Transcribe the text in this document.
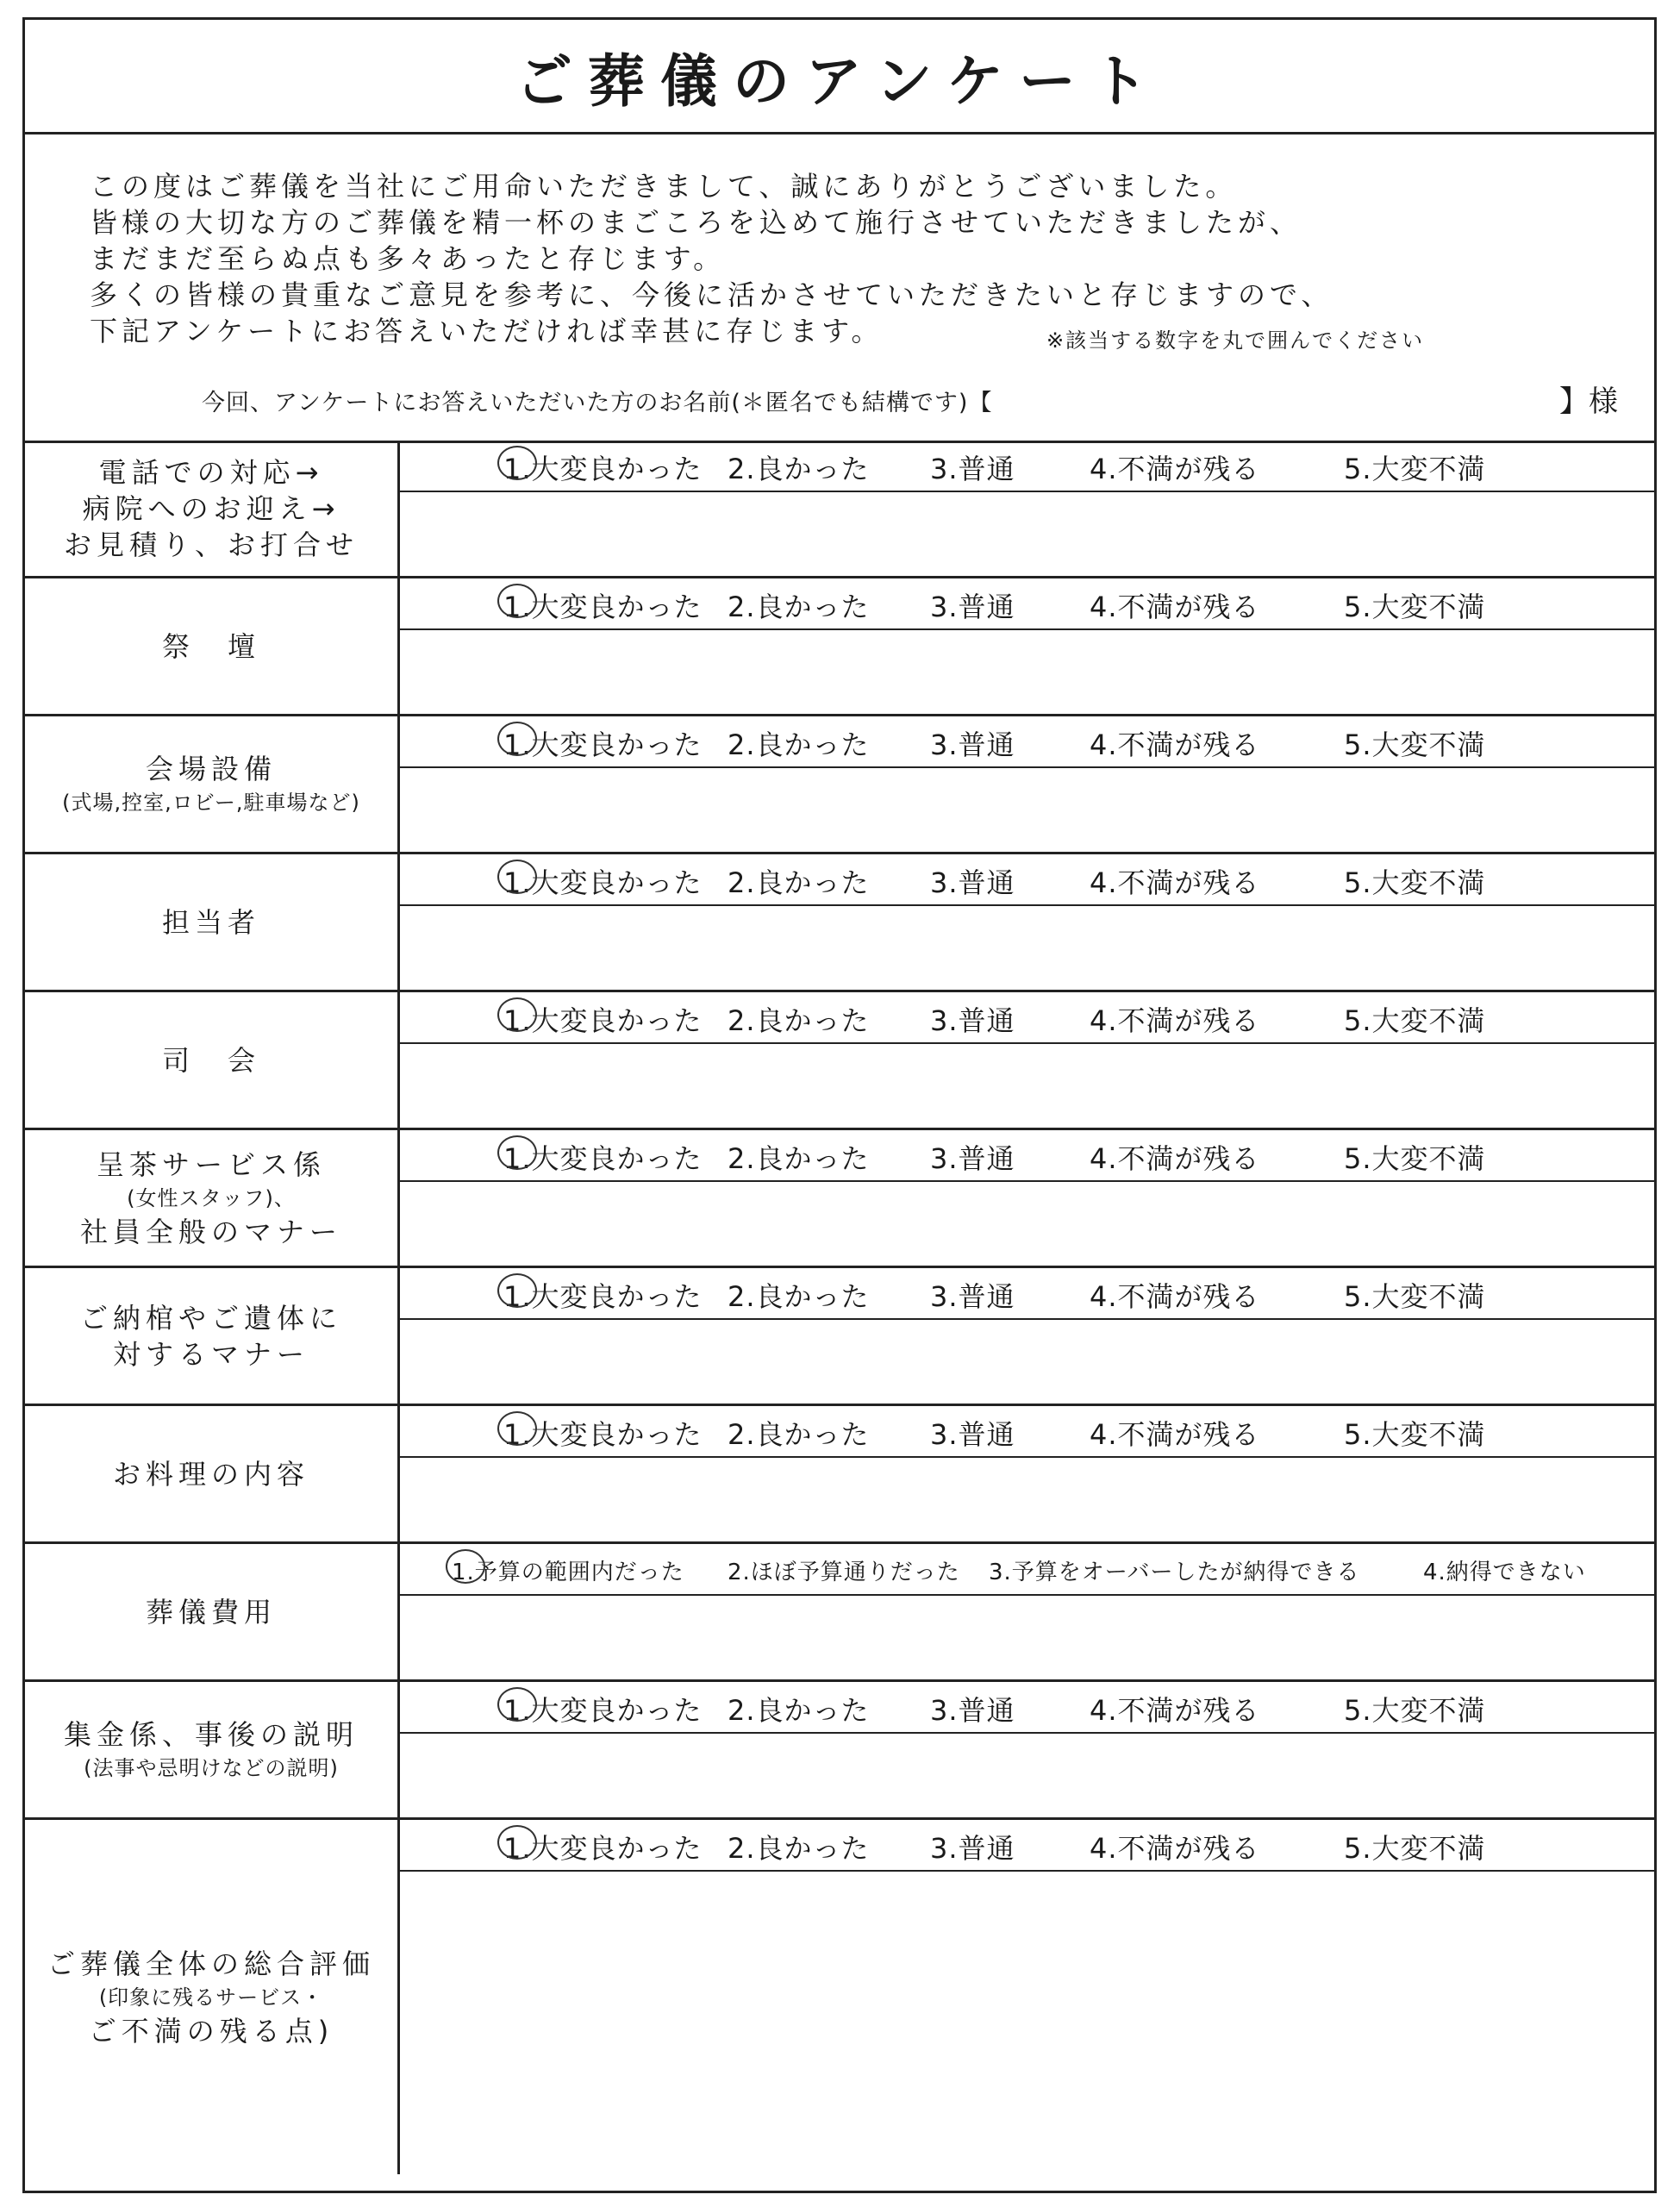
ご葬儀のアンケート
この度はご葬儀を当社にご用命いただきまして、誠にありがとうございました。
皆様の大切な方のご葬儀を精一杯のまごころを込めて施行させていただきましたが、
まだまだ至らぬ点も多々あったと存じます。
多くの皆様の貴重なご意見を参考に、今後に活かさせていただきたいと存じますので、
下記アンケートにお答えいただければ幸甚に存じます。	※該当する数字を丸で囲んでください
今回、アンケートにお答えいただいた方のお名前(＊匿名でも結構です)【	】様
電話での対応→
病院へのお迎え→
お見積り、お打合せ
1.大変良かった 2.良かった 3.普通	4.不満が残る	5.大変不満
祭　壇
1.大変良かった 2.良かった 3.普通	4.不満が残る	5.大変不満
会場設備
(式場,控室,ロビー,駐車場など)
1.大変良かった 2.良かった 3.普通	4.不満が残る	5.大変不満
担当者
1.大変良かった 2.良かった 3.普通	4.不満が残る	5.大変不満
司　会
1.大変良かった 2.良かった 3.普通	4.不満が残る	5.大変不満
呈茶サービス係
(女性スタッフ)、
社員全般のマナー
1.大変良かった 2.良かった 3.普通	4.不満が残る	5.大変不満
ご納棺やご遺体に
対するマナー
1.大変良かった 2.良かった 3.普通	4.不満が残る	5.大変不満
お料理の内容
1.大変良かった 2.良かった 3.普通	4.不満が残る	5.大変不満
葬儀費用
1.予算の範囲内だった 2.ほぼ予算通りだった 3.予算をオーバーしたが納得できる	4.納得できない
集金係、事後の説明
(法事や忌明けなどの説明)
1.大変良かった 2.良かった 3.普通	4.不満が残る	5.大変不満
ご葬儀全体の総合評価
(印象に残るサービス・
ご不満の残る点)
1.大変良かった 2.良かった 3.普通	4.不満が残る	5.大変不満
